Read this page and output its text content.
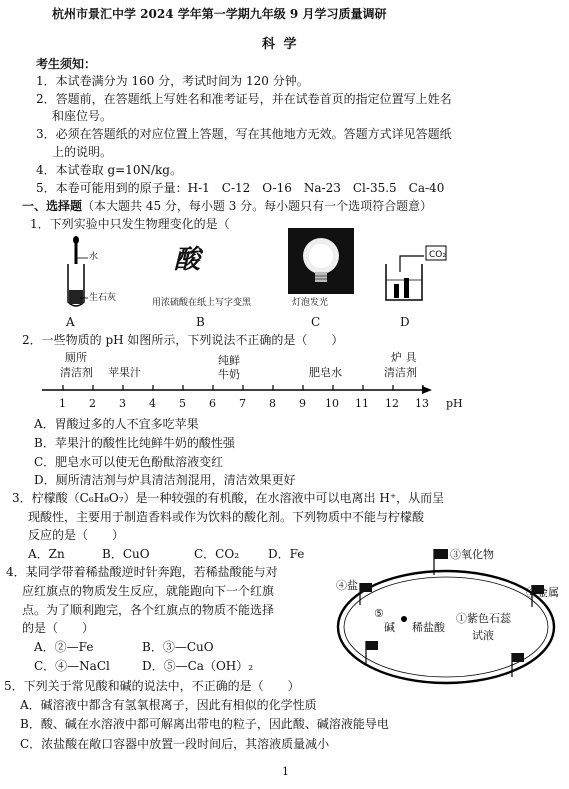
杭州市景汇中学 2024 学年第一学期九年级 9 月学习质量调研
科 学
考生须知：
1．本试卷满分为 160 分，考试时间为 120 分钟。
2．答题前，在答题纸上写姓名和准考证号，并在试卷首页的指定位置写上姓名
和座位号。
3．必须在答题纸的对应位置上答题，写在其他地方无效。答题方式详见答题纸
上的说明。
4．本试卷取 g=10N/kg。
5．本卷可能用到的原子量：H-1　C-12　O-16　Na-23　Cl-35.5　Ca-40
一、选择题（本大题共 45 分，每小题 3 分。每小题只有一个选项符合题意）
1．下列实验中只发生物理变化的是（
水
生石灰
A
酸
用浓硫酸在纸上写字变黑
B
灯泡发光
C
CO₂
D
2．一些物质的 pH 如图所示，下列说法不正确的是（　　）
厕所
清洁剂 苹果汁
纯鲜
牛奶	肥皂水
炉 具
清洁剂
1 2 3 4 5 6 7 8 9 10 11 12 13 pH
A．胃酸过多的人不宜多吃苹果
B．苹果汁的酸性比纯鲜牛奶的酸性强
C．肥皂水可以使无色酚酞溶液变红
D．厕所清洁剂与炉具清洁剂混用，清洁效果更好
3．柠檬酸（C₆H₈O₇）是一种较强的有机酸，在水溶液中可以电离出 H⁺，从而呈
现酸性，主要用于制造香料或作为饮料的酸化剂。下列物质中不能与柠檬酸
反应的是（　　）
A．Zn	B．CuO	C．CO₂ D．Fe
4．某同学带着稀盐酸逆时针奔跑，若稀盐酸能与对
应红旗点的物质发生反应，就能跑向下一个红旗
点。为了顺利跑完，各个红旗点的物质不能选择
的是（　　）
A．②—Fe	B．③—CuO
C．④—NaCl	D．⑤—Ca（OH）₂
③氧化物
②金属
④盐
⑤
碱 稀盐酸
①紫色石蕊
试液
5．下列关于常见酸和碱的说法中，不正确的是（　　）
A．碱溶液中都含有氢氧根离子，因此有相似的化学性质
B．酸、碱在水溶液中都可解离出带电的粒子，因此酸、碱溶液能导电
C．浓盐酸在敞口容器中放置一段时间后，其溶液质量减小
1
